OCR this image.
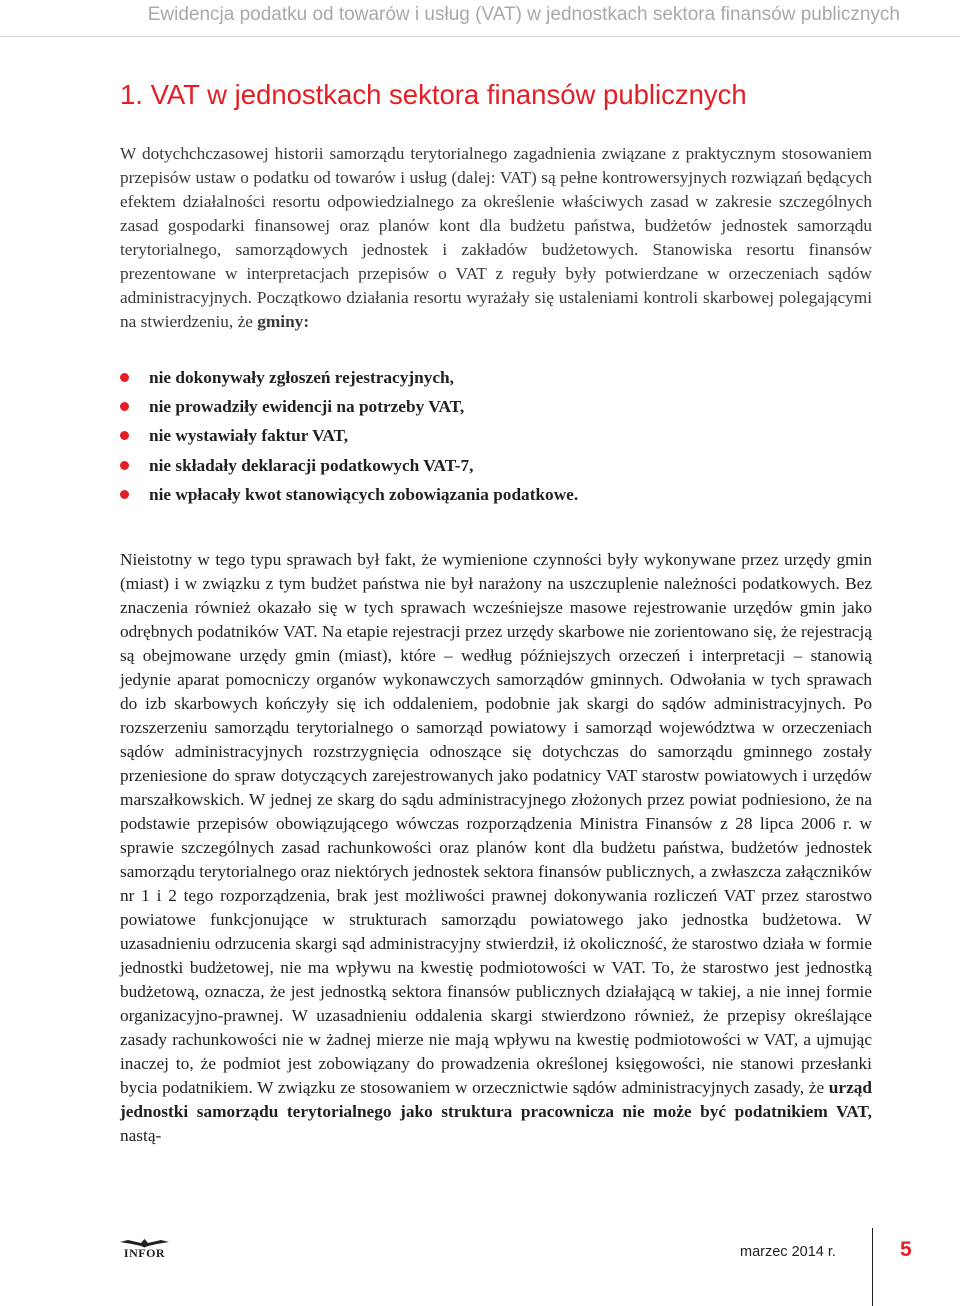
Ewidencja podatku od towarów i usług (VAT) w jednostkach sektora finansów publicznych
1. VAT w jednostkach sektora finansów publicznych

W dotychchczasowej historii samorządu terytorialnego zagadnienia związane z praktycznym stosowaniem przepisów ustaw o podatku od towarów i usług (dalej: VAT) są pełne kontrowersyjnych rozwiązań będących efektem działalności resortu odpowiedzialnego za określenie właściwych zasad w zakresie szczególnych zasad gospodarki finansowej oraz planów kont dla budżetu państwa, budżetów jednostek samorządu terytorialnego, samorządowych jednostek i zakładów budżetowych. Stanowiska resortu finansów prezentowane w interpretacjach przepisów o VAT z reguły były potwierdzane w orzeczeniach sądów administracyjnych. Początkowo działania resortu wyrażały się ustaleniami kontroli skarbowej polegającymi na stwierdzeniu, że gminy:

nie dokonywały zgłoszeń rejestracyjnych,
nie prowadziły ewidencji na potrzeby VAT,
nie wystawiały faktur VAT,
nie składały deklaracji podatkowych VAT-7,
nie wpłacały kwot stanowiących zobowiązania podatkowe.

Nieistotny w tego typu sprawach był fakt, że wymienione czynności były wykonywane przez urzędy gmin (miast) i w związku z tym budżet państwa nie był narażony na uszczuplenie należności podatkowych. Bez znaczenia również okazało się w tych sprawach wcześniejsze masowe rejestrowanie urzędów gmin jako odrębnych podatników VAT. Na etapie rejestracji przez urzędy skarbowe nie zorientowano się, że rejestracją są obejmowane urzędy gmin (miast), które – według późniejszych orzeczeń i interpretacji – stanowią jedynie aparat pomocniczy organów wykonawczych samorządów gminnych. Odwołania w tych sprawach do izb skarbowych kończyły się ich oddaleniem, podobnie jak skargi do sądów administracyjnych. Po rozszerzeniu samorządu terytorialnego o samorząd powiatowy i samorząd województwa w orzeczeniach sądów administracyjnych rozstrzygnięcia odnoszące się dotychczas do samorządu gminnego zostały przeniesione do spraw dotyczących zarejestrowanych jako podatnicy VAT starostw powiatowych i urzędów marszałkowskich. W jednej ze skarg do sądu administracyjnego złożonych przez powiat podniesiono, że na podstawie przepisów obowiązującego wówczas rozporządzenia Ministra Finansów z 28 lipca 2006 r. w sprawie szczególnych zasad rachunkowości oraz planów kont dla budżetu państwa, budżetów jednostek samorządu terytorialnego oraz niektórych jednostek sektora finansów publicznych, a zwłaszcza załączników nr 1 i 2 tego rozporządzenia, brak jest możliwości prawnej dokonywania rozliczeń VAT przez starostwo powiatowe funkcjonujące w strukturach samorządu powiatowego jako jednostka budżetowa. W uzasadnieniu odrzucenia skargi sąd administracyjny stwierdził, iż okoliczność, że starostwo działa w formie jednostki budżetowej, nie ma wpływu na kwestię podmiotowości w VAT. To, że starostwo jest jednostką budżetową, oznacza, że jest jednostką sektora finansów publicznych działającą w takiej, a nie innej formie organizacyjno-prawnej. W uzasadnieniu oddalenia skargi stwierdzono również, że przepisy określające zasady rachunkowości nie w żadnej mierze nie mają wpływu na kwestię podmiotowości w VAT, a ujmując inaczej to, że podmiot jest zobowiązany do prowadzenia określonej księgowości, nie stanowi przesłanki bycia podatnikiem. W związku ze stosowaniem w orzecznictwie sądów administracyjnych zasady, że urząd jednostki samorządu terytorialnego jako struktura pracownicza nie może być podatnikiem VAT, nastą-

INFOR	marzec 2014 r.	5
